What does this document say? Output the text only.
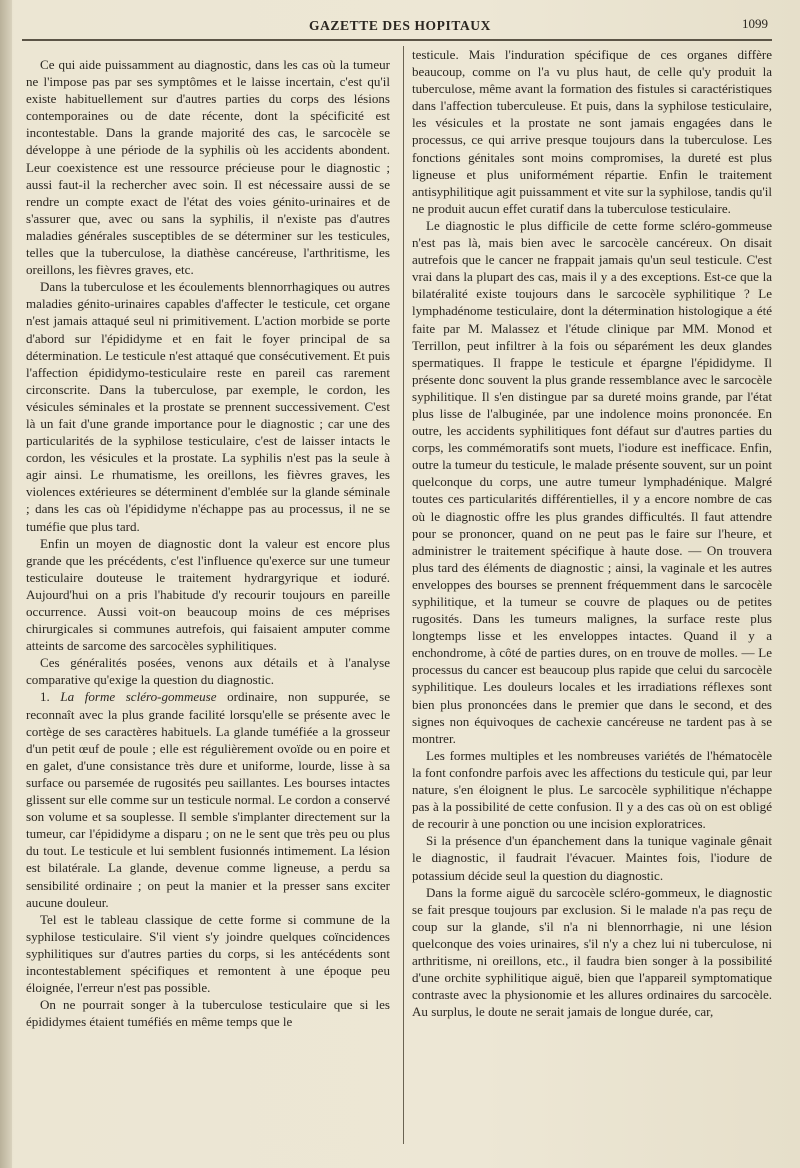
GAZETTE DES HOPITAUX	1099

Ce qui aide puissamment au diagnostic, dans les cas où la tumeur ne l'impose pas par ses symptômes et le laisse incertain, c'est qu'il existe habituellement sur d'autres parties du corps des lésions contemporaines ou de date récente, dont la spécificité est incontestable. Dans la grande majorité des cas, le sarcocèle se développe à une période de la syphilis où les accidents abondent. Leur coexistence est une ressource précieuse pour le diagnostic ; aussi faut-il la rechercher avec soin. Il est nécessaire aussi de se rendre un compte exact de l'état des voies génito-urinaires et de s'assurer que, avec ou sans la syphilis, il n'existe pas d'autres maladies générales susceptibles de se déterminer sur les testicules, telles que la tuberculose, la diathèse cancéreuse, l'arthritisme, les oreillons, les fièvres graves, etc.

Dans la tuberculose et les écoulements blennorrhagiques ou autres maladies génito-urinaires capables d'affecter le testicule, cet organe n'est jamais attaqué seul ni primitivement. L'action morbide se porte d'abord sur l'épididyme et en fait le foyer principal de sa détermination. Le testicule n'est attaqué que consécutivement. Et puis l'affection épididymo-testiculaire reste en pareil cas rarement circonscrite. Dans la tuberculose, par exemple, le cordon, les vésicules séminales et la prostate se prennent successivement. C'est là un fait d'une grande importance pour le diagnostic ; car une des particularités de la syphilose testiculaire, c'est de laisser intacts le cordon, les vésicules et la prostate. La syphilis n'est pas la seule à agir ainsi. Le rhumatisme, les oreillons, les fièvres graves, les violences extérieures se déterminent d'emblée sur la glande séminale ; dans les cas où l'épididyme n'échappe pas au processus, il ne se tuméfie que plus tard.

Enfin un moyen de diagnostic dont la valeur est encore plus grande que les précédents, c'est l'influence qu'exerce sur une tumeur testiculaire douteuse le traitement hydrargyrique et ioduré. Aujourd'hui on a pris l'habitude d'y recourir toujours en pareille occurrence. Aussi voit-on beaucoup moins de ces méprises chirurgicales si communes autrefois, qui faisaient amputer comme atteints de sarcome des sarcocèles syphilitiques.

Ces généralités posées, venons aux détails et à l'analyse comparative qu'exige la question du diagnostic.

1. La forme scléro-gommeuse ordinaire, non suppurée, se reconnaît avec la plus grande facilité lorsqu'elle se présente avec le cortège de ses caractères habituels. La glande tuméfiée a la grosseur d'un petit œuf de poule ; elle est régulièrement ovoïde ou en poire et en galet, d'une consistance très dure et uniforme, lourde, lisse à sa surface ou parsemée de rugosités peu saillantes. Les bourses intactes glissent sur elle comme sur un testicule normal. Le cordon a conservé son volume et sa souplesse. Il semble s'implanter directement sur la tumeur, car l'épididyme a disparu ; on ne le sent que très peu ou plus du tout. Le testicule et lui semblent fusionnés intimement. La lésion est bilatérale. La glande, devenue comme ligneuse, a perdu sa sensibilité ordinaire ; on peut la manier et la presser sans exciter aucune douleur.

Tel est le tableau classique de cette forme si commune de la syphilose testiculaire. S'il vient s'y joindre quelques coïncidences syphilitiques sur d'autres parties du corps, si les antécédents sont incontestablement spécifiques et remontent à une époque peu éloignée, l'erreur n'est pas possible.

On ne pourrait songer à la tuberculose testiculaire que si les épididymes étaient tuméfiés en même temps que le

testicule. Mais l'induration spécifique de ces organes diffère beaucoup, comme on l'a vu plus haut, de celle qu'y produit la tuberculose, même avant la formation des fistules si caractéristiques dans l'affection tuberculeuse. Et puis, dans la syphilose testiculaire, les vésicules et la prostate ne sont jamais engagées dans le processus, ce qui arrive presque toujours dans la tuberculose. Les fonctions génitales sont moins compromises, la dureté est plus ligneuse et plus uniformément répartie. Enfin le traitement antisyphilitique agit puissamment et vite sur la syphilose, tandis qu'il ne produit aucun effet curatif dans la tuberculose testiculaire.

Le diagnostic le plus difficile de cette forme scléro-gommeuse n'est pas là, mais bien avec le sarcocèle cancéreux. On disait autrefois que le cancer ne frappait jamais qu'un seul testicule. C'est vrai dans la plupart des cas, mais il y a des exceptions. Est-ce que la bilatéralité existe toujours dans le sarcocèle syphilitique ? Le lymphadénome testiculaire, dont la détermination histologique a été faite par M. Malassez et l'étude clinique par MM. Monod et Terrillon, peut infiltrer à la fois ou séparément les deux glandes spermatiques. Il frappe le testicule et épargne l'épididyme. Il présente donc souvent la plus grande ressemblance avec le sarcocèle syphilitique. Il s'en distingue par sa dureté moins grande, par l'état plus lisse de l'albuginée, par une indolence moins prononcée. En outre, les accidents syphilitiques font défaut sur d'autres parties du corps, les commémoratifs sont muets, l'iodure est inefficace. Enfin, outre la tumeur du testicule, le malade présente souvent, sur un point quelconque du corps, une autre tumeur lymphadénique. Malgré toutes ces particularités différentielles, il y a encore nombre de cas où le diagnostic offre les plus grandes difficultés. Il faut attendre pour se prononcer, quand on ne peut pas le faire sur l'heure, et administrer le traitement spécifique à haute dose. — On trouvera plus tard des éléments de diagnostic ; ainsi, la vaginale et les autres enveloppes des bourses se prennent fréquemment dans le sarcocèle syphilitique, et la tumeur se couvre de plaques ou de petites rugosités. Dans les tumeurs malignes, la surface reste plus longtemps lisse et les enveloppes intactes. Quand il y a enchondrome, à côté de parties dures, on en trouve de molles. — Le processus du cancer est beaucoup plus rapide que celui du sarcocèle syphilitique. Les douleurs locales et les irradiations réflexes sont bien plus prononcées dans le premier que dans le second, et des signes non équivoques de cachexie cancéreuse ne tardent pas à se montrer.

Les formes multiples et les nombreuses variétés de l'hématocèle la font confondre parfois avec les affections du testicule qui, par leur nature, s'en éloignent le plus. Le sarcocèle syphilitique n'échappe pas à la possibilité de cette confusion. Il y a des cas où on est obligé de recourir à une ponction ou une incision exploratrices.

Si la présence d'un épanchement dans la tunique vaginale gênait le diagnostic, il faudrait l'évacuer. Maintes fois, l'iodure de potassium décide seul la question du diagnostic.

Dans la forme aiguë du sarcocèle scléro-gommeux, le diagnostic se fait presque toujours par exclusion. Si le malade n'a pas reçu de coup sur la glande, s'il n'a ni blennorrhagie, ni une lésion quelconque des voies urinaires, s'il n'y a chez lui ni tuberculose, ni arthritisme, ni oreillons, etc., il faudra bien songer à la possibilité d'une orchite syphilitique aiguë, bien que l'appareil symptomatique contraste avec la physionomie et les allures ordinaires du sarcocèle. Au surplus, le doute ne serait jamais de longue durée, car,
